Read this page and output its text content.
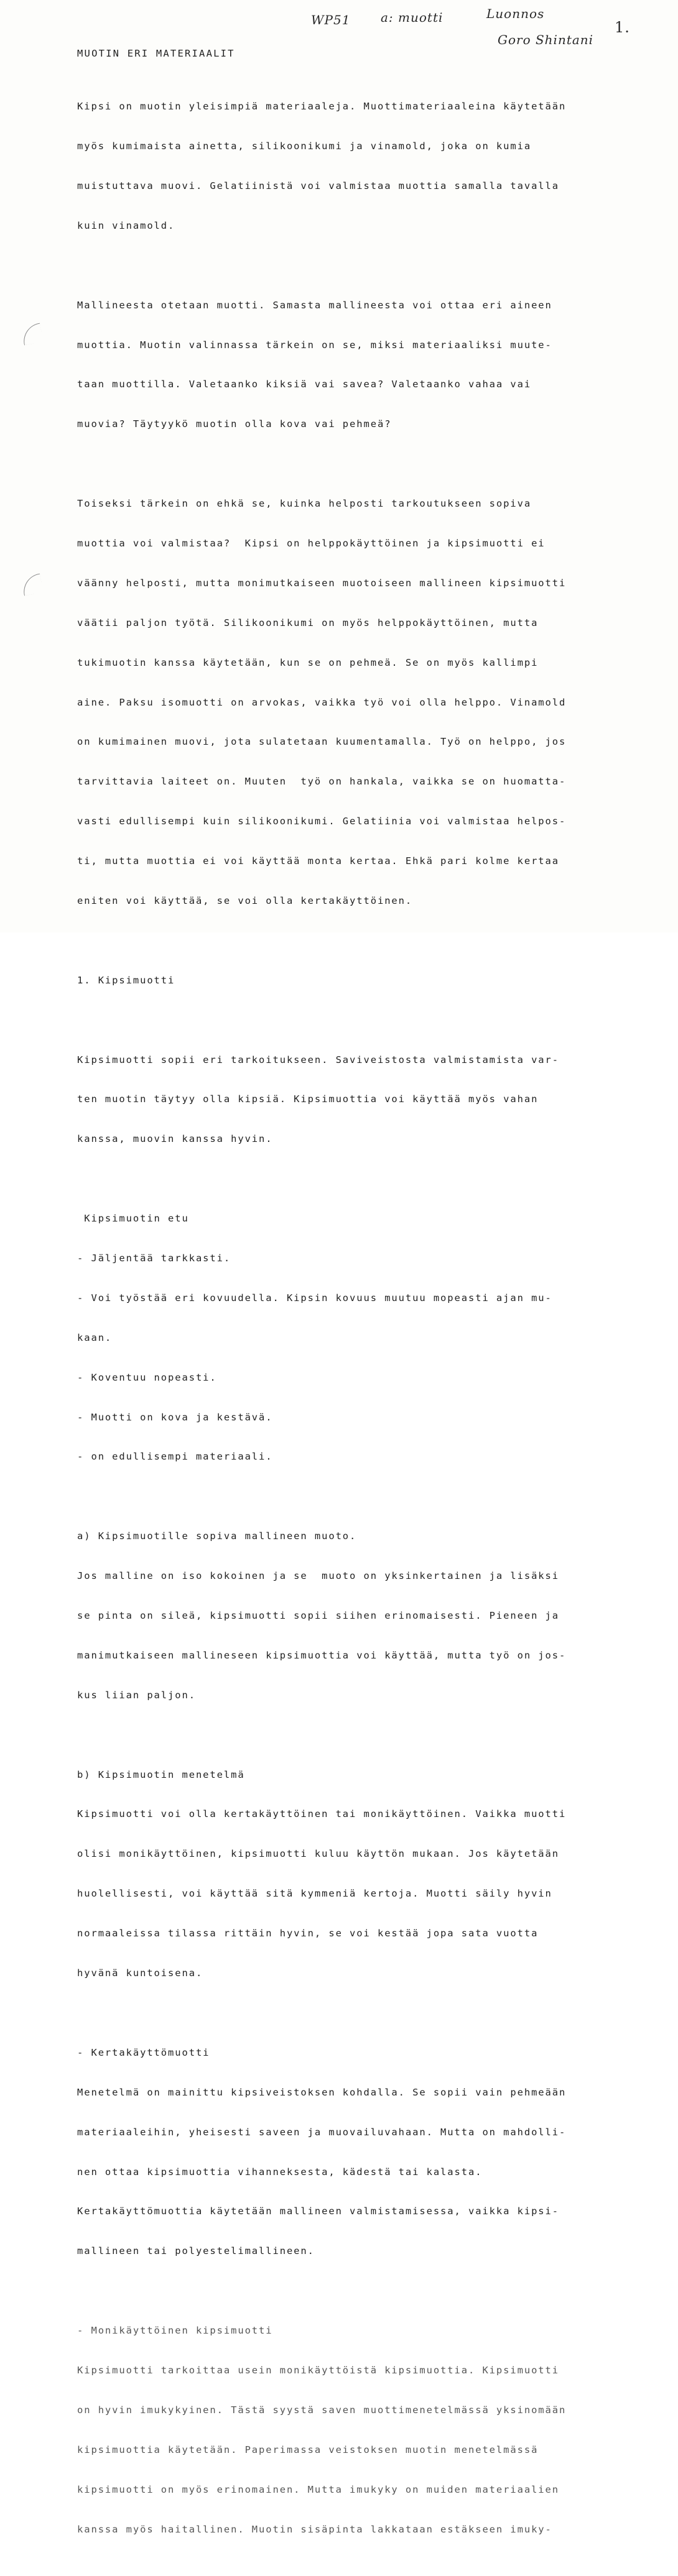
WP51 a: muotti	Luonnos
Goro Shintani
1.
MUOTIN ERI MATERIAALIT

Kipsi on muotin yleisimpiä materiaaleja. Muottimateriaaleina käytetään

myös kumimaista ainetta, silikoonikumi ja vinamold, joka on kumia

muistuttava muovi. Gelatiinistä voi valmistaa muottia samalla tavalla

kuin vinamold.

Mallineesta otetaan muotti. Samasta mallineesta voi ottaa eri aineen

muottia. Muotin valinnassa tärkein on se, miksi materiaaliksi muute-

taan muottilla. Valetaanko kiksiä vai savea? Valetaanko vahaa vai

muovia? Täytyykö muotin olla kova vai pehmeä?

Toiseksi tärkein on ehkä se, kuinka helposti tarkoutukseen sopiva

muottia voi valmistaa?  Kipsi on helppokäyttöinen ja kipsimuotti ei

väänny helposti, mutta monimutkaiseen muotoiseen mallineen kipsimuotti

väätii paljon työtä. Silikoonikumi on myös helppokäyttöinen, mutta

tukimuotin kanssa käytetään, kun se on pehmeä. Se on myös kallimpi

aine. Paksu isomuotti on arvokas, vaikka työ voi olla helppo. Vinamold

on kumimainen muovi, jota sulatetaan kuumentamalla. Työ on helppo, jos

tarvittavia laiteet on. Muuten  työ on hankala, vaikka se on huomatta-

vasti edullisempi kuin silikoonikumi. Gelatiinia voi valmistaa helpos-

ti, mutta muottia ei voi käyttää monta kertaa. Ehkä pari kolme kertaa

eniten voi käyttää, se voi olla kertakäyttöinen.

1. Kipsimuotti

Kipsimuotti sopii eri tarkoitukseen. Saviveistosta valmistamista var-

ten muotin täytyy olla kipsiä. Kipsimuottia voi käyttää myös vahan

kanssa, muovin kanssa hyvin.

Kipsimuotin etu

- Jäljentää tarkkasti.

- Voi työstää eri kovuudella. Kipsin kovuus muutuu mopeasti ajan mu-

kaan.

- Koventuu nopeasti.

- Muotti on kova ja kestävä.

- on edullisempi materiaali.

a) Kipsimuotille sopiva mallineen muoto.

Jos malline on iso kokoinen ja se  muoto on yksinkertainen ja lisäksi

se pinta on sileä, kipsimuotti sopii siihen erinomaisesti. Pieneen ja

manimutkaiseen mallineseen kipsimuottia voi käyttää, mutta työ on jos-

kus liian paljon.

b) Kipsimuotin menetelmä

Kipsimuotti voi olla kertakäyttöinen tai monikäyttöinen. Vaikka muotti

olisi monikäyttöinen, kipsimuotti kuluu käyttön mukaan. Jos käytetään

huolellisesti, voi käyttää sitä kymmeniä kertoja. Muotti säily hyvin

normaaleissa tilassa rittäin hyvin, se voi kestää jopa sata vuotta

hyvänä kuntoisena.

- Kertakäyttömuotti

Menetelmä on mainittu kipsiveistoksen kohdalla. Se sopii vain pehmeään

materiaaleihin, yheisesti saveen ja muovailuvahaan. Mutta on mahdolli-

nen ottaa kipsimuottia vihanneksesta, kädestä tai kalasta.

Kertakäyttömuottia käytetään mallineen valmistamisessa, vaikka kipsi-

mallineen tai polyestelimallineen.

- Monikäyttöinen kipsimuotti

Kipsimuotti tarkoittaa usein monikäyttöistä kipsimuottia. Kipsimuotti

on hyvin imukykyinen. Tästä syystä saven muottimenetelmässä yksinomään

kipsimuottia käytetään. Paperimassa veistoksen muotin menetelmässä

kipsimuotti on myös erinomainen. Mutta imukyky on muiden materiaalien

kanssa myös haitallinen. Muotin sisäpinta lakkataan estäkseen imuky-
